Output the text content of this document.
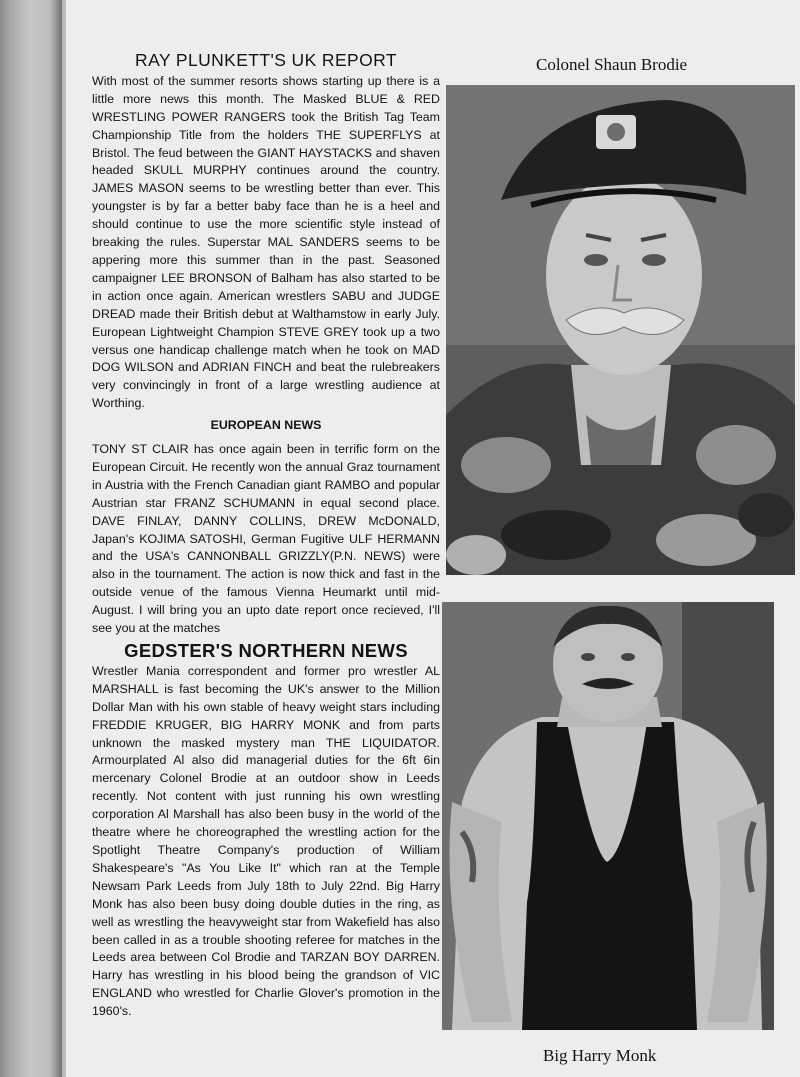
RAY PLUNKETT'S UK REPORT

With most of the summer resorts shows starting up there is a little more news this month. The Masked BLUE & RED WRESTLING POWER RANGERS took the British Tag Team Championship Title from the holders THE SUPERFLYS at Bristol. The feud between the GIANT HAYSTACKS and shaven headed SKULL MURPHY continues around the country. JAMES MASON seems to be wrestling better than ever. This youngster is by far a better baby face than he is a heel and should continue to use the more scientific style instead of breaking the rules. Superstar MAL SANDERS seems to be appering more this summer than in the past. Seasoned campaigner LEE BRONSON of Balham has also started to be in action once again. American wrestlers SABU and JUDGE DREAD made their British debut at Walthamstow in early July. European Lightweight Champion STEVE GREY took up a two versus one handicap challenge match when he took on MAD DOG WILSON and ADRIAN FINCH and beat the rulebreakers very convincingly in front of a large wrestling audience at Worthing.

EUROPEAN NEWS

TONY ST CLAIR has once again been in terrific form on the European Circuit. He recently won the annual Graz tournament in Austria with the French Canadian giant RAMBO and popular Austrian star FRANZ SCHUMANN in equal second place. DAVE FINLAY, DANNY COLLINS, DREW McDONALD, Japan's KOJIMA SATOSHI, German Fugitive ULF HERMANN and the USA's CANNONBALL GRIZZLY(P.N. NEWS) were also in the tournament. The action is now thick and fast in the outside venue of the famous Vienna Heumarkt until mid-August. I will bring you an upto date report once recieved, I'll see you at the matches

GEDSTER'S NORTHERN NEWS

Wrestler Mania correspondent and former pro wrestler AL MARSHALL is fast becoming the UK's answer to the Million Dollar Man with his own stable of heavy weight stars including FREDDIE KRUGER, BIG HARRY MONK and from parts unknown the masked mystery man THE LIQUIDATOR. Armourplated Al also did managerial duties for the 6ft 6in mercenary Colonel Brodie at an outdoor show in Leeds recently. Not content with just running his own wrestling corporation Al Marshall has also been busy in the world of the theatre where he choreographed the wrestling action for the Spotlight Theatre Company's production of William Shakespeare's "As You Like It" which ran at the Temple Newsam Park Leeds from July 18th to July 22nd. Big Harry Monk has also been busy doing double duties in the ring, as well as wrestling the heavyweight star from Wakefield has also been called in as a trouble shooting referee for matches in the Leeds area between Col Brodie and TARZAN BOY DARREN. Harry has wrestling in his blood being the grandson of VIC ENGLAND who wrestled for Charlie Glover's promotion in the 1960's.

Colonel Shaun Brodie
Big Harry Monk
